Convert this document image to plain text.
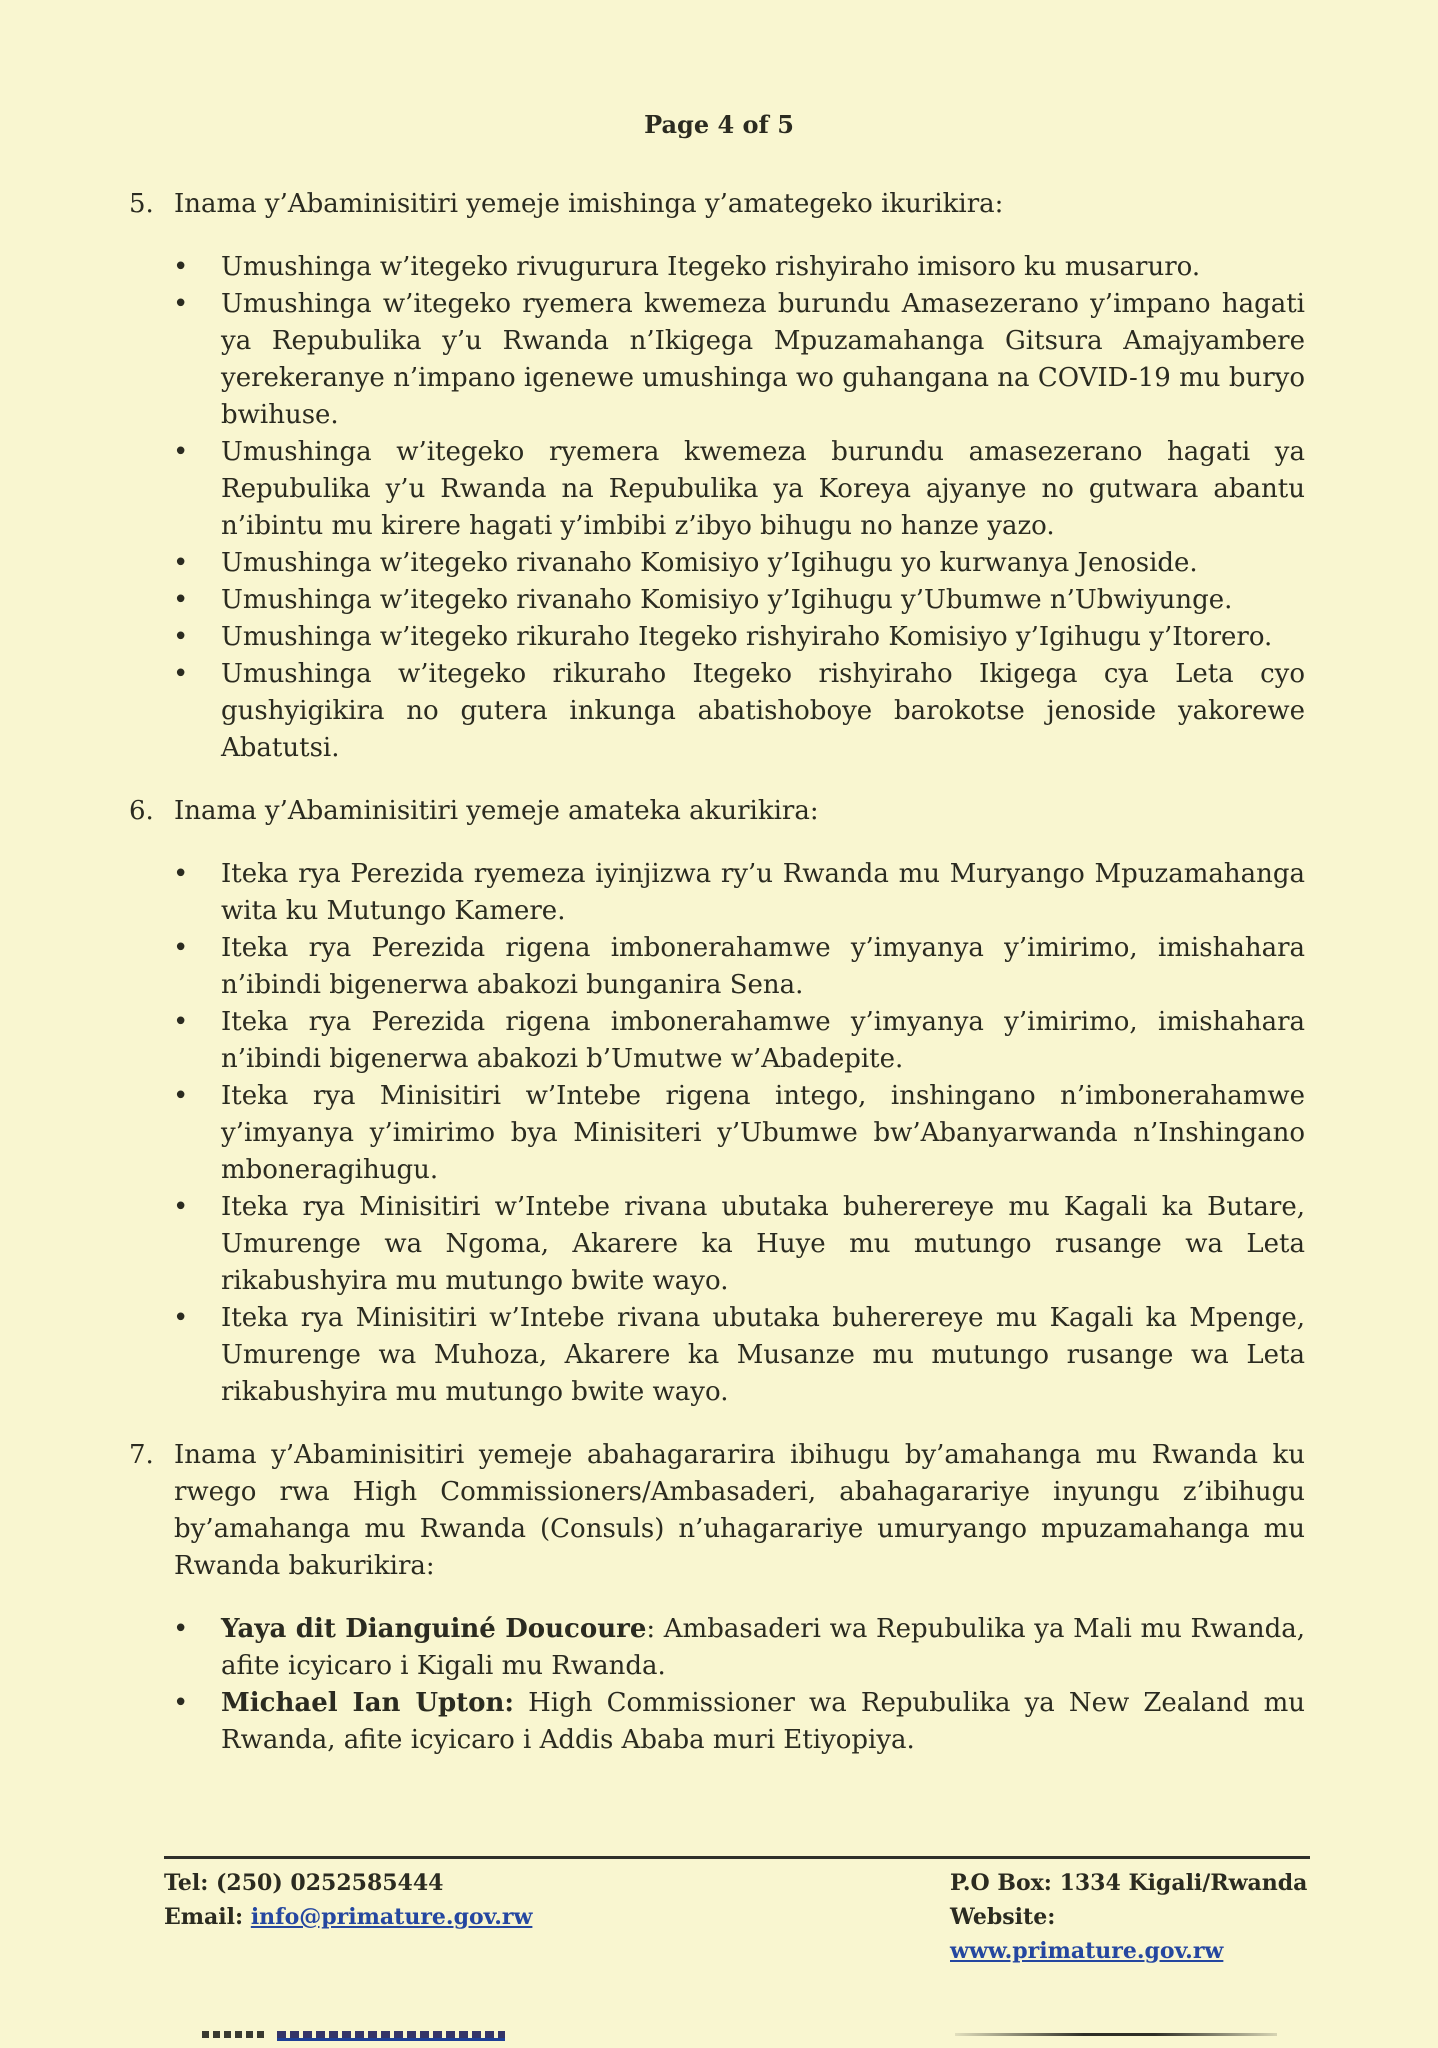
Page 4 of 5
5. Inama y’Abaminisitiri yemeje imishinga y’amategeko ikurikira:
• Umushinga w’itegeko rivugurura Itegeko rishyiraho imisoro ku musaruro.
• Umushinga w’itegeko ryemera kwemeza burundu Amasezerano y’impano hagati ya Repubulika y’u Rwanda n’Ikigega Mpuzamahanga Gitsura Amajyambere yerekeranye n’impano igenewe umushinga wo guhangana na COVID-19 mu buryo bwihuse.
• Umushinga w’itegeko ryemera kwemeza burundu amasezerano hagati ya Repubulika y’u Rwanda na Repubulika ya Koreya ajyanye no gutwara abantu n’ibintu mu kirere hagati y’imbibi z’ibyo bihugu no hanze yazo.
• Umushinga w’itegeko rivanaho Komisiyo y’Igihugu yo kurwanya Jenoside.
• Umushinga w’itegeko rivanaho Komisiyo y’Igihugu y’Ubumwe n’Ubwiyunge.
• Umushinga w’itegeko rikuraho Itegeko rishyiraho Komisiyo y’Igihugu y’Itorero.
• Umushinga w’itegeko rikuraho Itegeko rishyiraho Ikigega cya Leta cyo gushyigikira no gutera inkunga abatishoboye barokotse jenoside yakorewe Abatutsi.
6. Inama y’Abaminisitiri yemeje amateka akurikira:
• Iteka rya Perezida ryemeza iyinjizwa ry’u Rwanda mu Muryango Mpuzamahanga wita ku Mutungo Kamere.
• Iteka rya Perezida rigena imbonerahamwe y’imyanya y’imirimo, imishahara n’ibindi bigenerwa abakozi bunganira Sena.
• Iteka rya Perezida rigena imbonerahamwe y’imyanya y’imirimo, imishahara n’ibindi bigenerwa abakozi b’Umutwe w’Abadepite.
• Iteka rya Minisitiri w’Intebe rigena intego, inshingano n’imbonerahamwe y’imyanya y’imirimo bya Minisiteri y’Ubumwe bw’Abanyarwanda n’Inshingano mboneragihugu.
• Iteka rya Minisitiri w’Intebe rivana ubutaka buherereye mu Kagali ka Butare, Umurenge wa Ngoma, Akarere ka Huye mu mutungo rusange wa Leta rikabushyira mu mutungo bwite wayo.
• Iteka rya Minisitiri w’Intebe rivana ubutaka buherereye mu Kagali ka Mpenge, Umurenge wa Muhoza, Akarere ka Musanze mu mutungo rusange wa Leta rikabushyira mu mutungo bwite wayo.
7. Inama y’Abaminisitiri yemeje abahagararira ibihugu by’amahanga mu Rwanda ku rwego rwa High Commissioners/Ambasaderi, abahagarariye inyungu z’ibihugu by’amahanga mu Rwanda (Consuls) n’uhagarariye umuryango mpuzamahanga mu Rwanda bakurikira:
• Yaya dit Dianguiné Doucoure: Ambasaderi wa Repubulika ya Mali mu Rwanda, afite icyicaro i Kigali mu Rwanda.
• Michael Ian Upton: High Commissioner wa Repubulika ya New Zealand mu Rwanda, afite icyicaro i Addis Ababa muri Etiyopiya.
Tel: (250) 0252585444
Email: info@primature.gov.rw
P.O Box: 1334 Kigali/Rwanda
Website: www.primature.gov.rw
